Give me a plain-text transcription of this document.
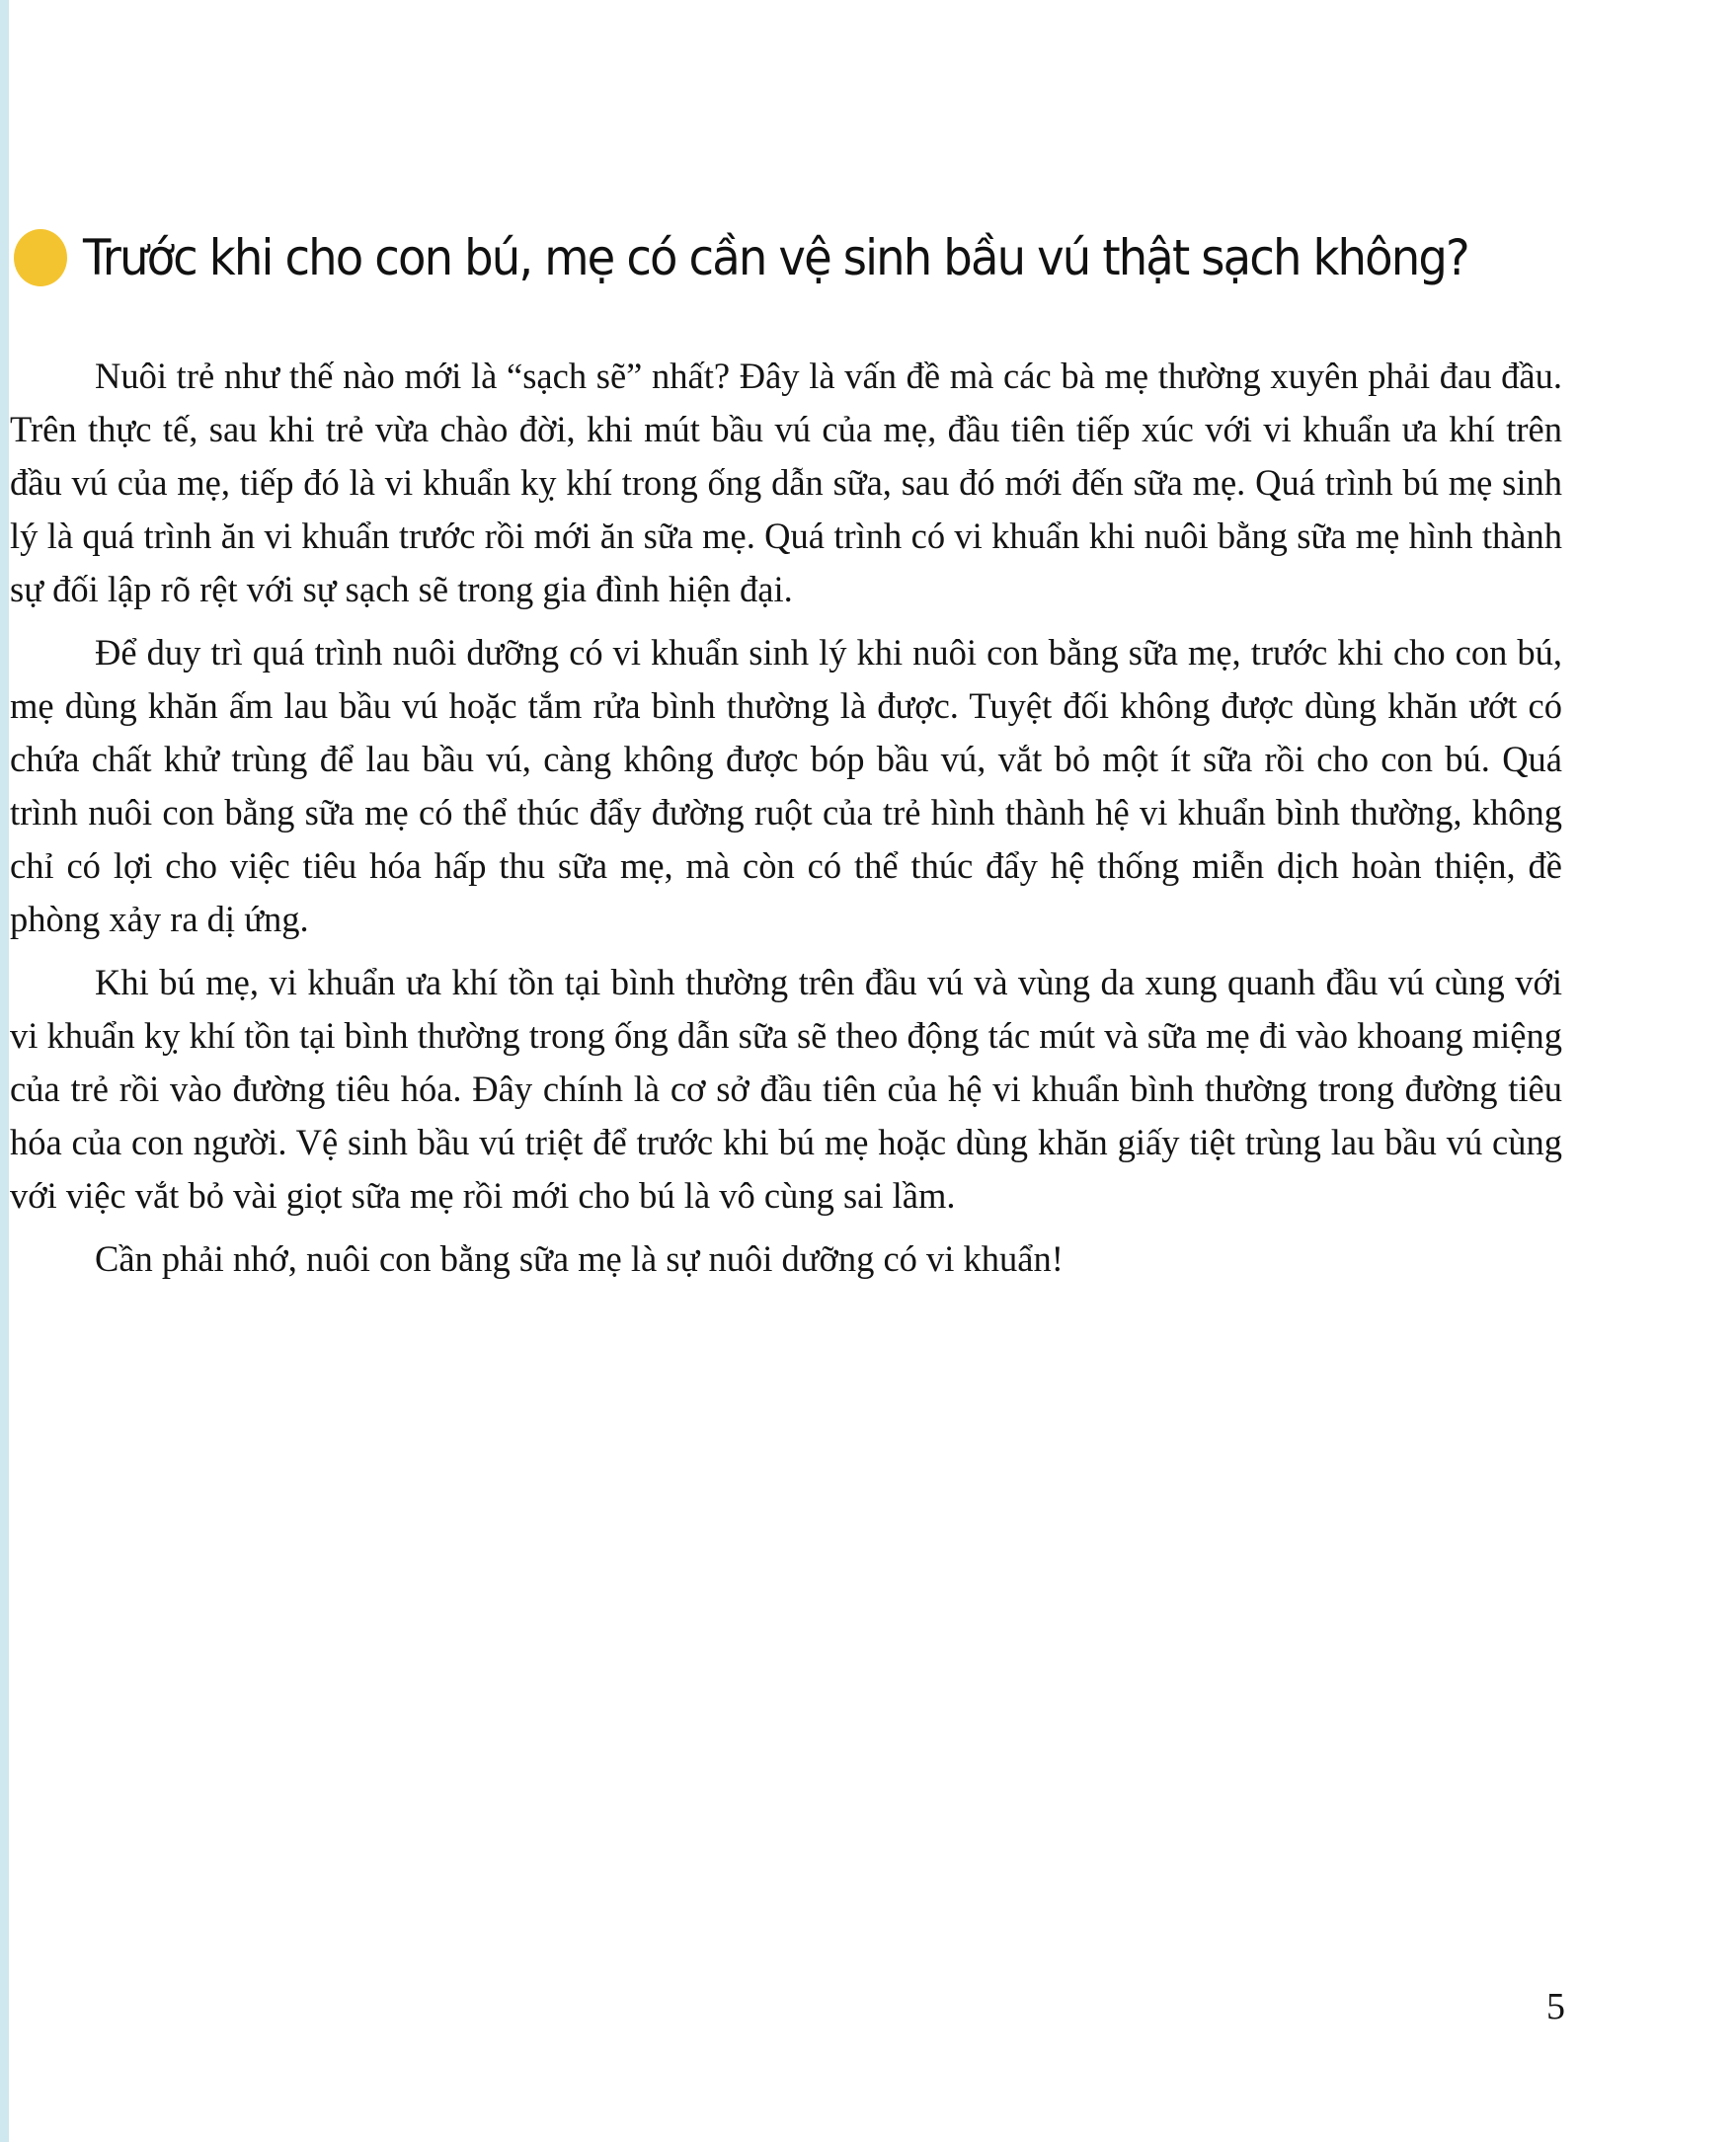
Trước khi cho con bú, mẹ có cần vệ sinh bầu vú thật sạch không?

Nuôi trẻ như thế nào mới là “sạch sẽ” nhất? Đây là vấn đề mà các bà mẹ thường xuyên phải đau đầu. Trên thực tế, sau khi trẻ vừa chào đời, khi mút bầu vú của mẹ, đầu tiên tiếp xúc với vi khuẩn ưa khí trên đầu vú của mẹ, tiếp đó là vi khuẩn kỵ khí trong ống dẫn sữa, sau đó mới đến sữa mẹ. Quá trình bú mẹ sinh lý là quá trình ăn vi khuẩn trước rồi mới ăn sữa mẹ. Quá trình có vi khuẩn khi nuôi bằng sữa mẹ hình thành sự đối lập rõ rệt với sự sạch sẽ trong gia đình hiện đại.

Để duy trì quá trình nuôi dưỡng có vi khuẩn sinh lý khi nuôi con bằng sữa mẹ, trước khi cho con bú, mẹ dùng khăn ấm lau bầu vú hoặc tắm rửa bình thường là được. Tuyệt đối không được dùng khăn ướt có chứa chất khử trùng để lau bầu vú, càng không được bóp bầu vú, vắt bỏ một ít sữa rồi cho con bú. Quá trình nuôi con bằng sữa mẹ có thể thúc đẩy đường ruột của trẻ hình thành hệ vi khuẩn bình thường, không chỉ có lợi cho việc tiêu hóa hấp thu sữa mẹ, mà còn có thể thúc đẩy hệ thống miễn dịch hoàn thiện, đề phòng xảy ra dị ứng.

Khi bú mẹ, vi khuẩn ưa khí tồn tại bình thường trên đầu vú và vùng da xung quanh đầu vú cùng với vi khuẩn kỵ khí tồn tại bình thường trong ống dẫn sữa sẽ theo động tác mút và sữa mẹ đi vào khoang miệng của trẻ rồi vào đường tiêu hóa. Đây chính là cơ sở đầu tiên của hệ vi khuẩn bình thường trong đường tiêu hóa của con người. Vệ sinh bầu vú triệt để trước khi bú mẹ hoặc dùng khăn giấy tiệt trùng lau bầu vú cùng với việc vắt bỏ vài giọt sữa mẹ rồi mới cho bú là vô cùng sai lầm.

Cần phải nhớ, nuôi con bằng sữa mẹ là sự nuôi dưỡng có vi khuẩn!

5
